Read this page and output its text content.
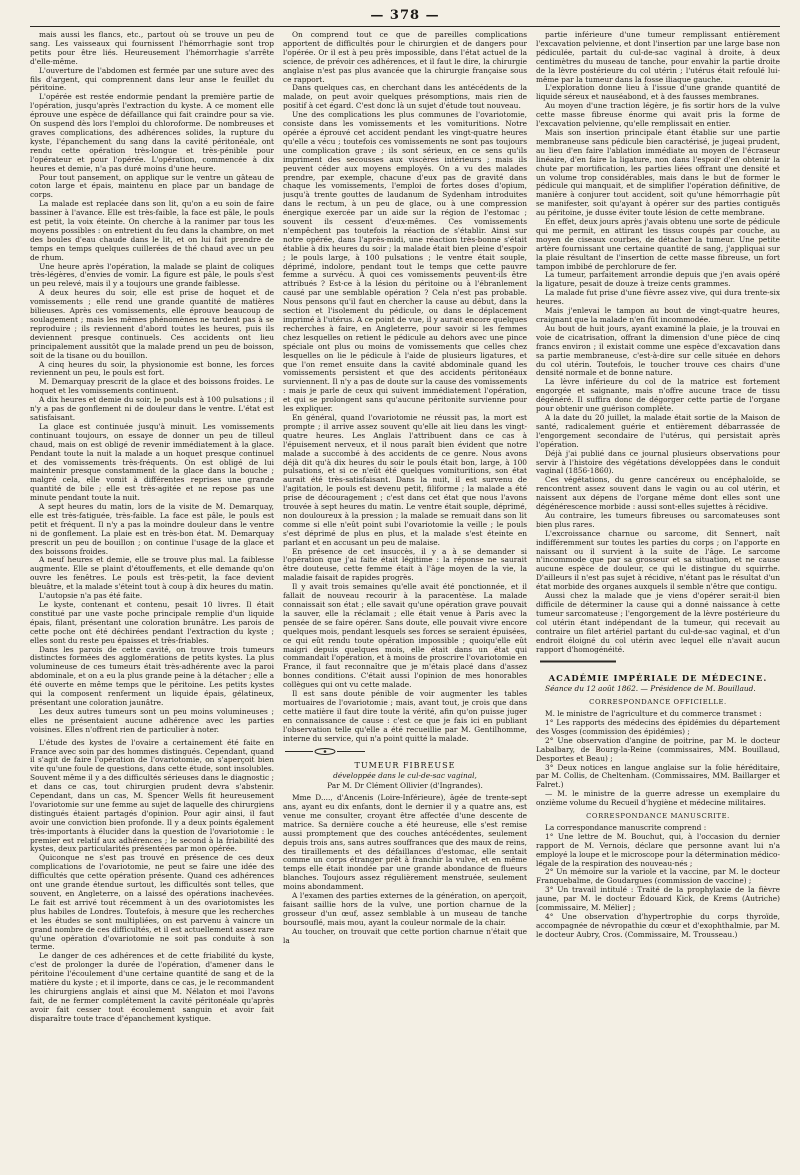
— 378 —

mais aussi les flancs, etc., partout où se trouve un peu de sang. Les vaisseaux qui fournissent l'hémorrhagie sont trop petits pour être liés. Heureusement l'hémorrhagie s'arrête d'elle-même.

L'ouverture de l'abdomen est fermée par une suture avec des fils d'argent, qui comprennent dans leur anse le feuillet du péritoine.

L'opérée est restée endormie pendant la première partie de l'opération, jusqu'après l'extraction du kyste. A ce moment elle éprouve une espèce de défaillance qui fait craindre pour sa vie. On suspend dès lors l'emploi du chloroforme. De nombreuses et graves complications, des adhérences solides, la rupture du kyste, l'épanchement du sang dans la cavité péritonéale, ont rendu cette opération très-longue et très-pénible pour l'opérateur et pour l'opérée. L'opération, commencée à dix heures et demie, n'a pas duré moins d'une heure.

Pour tout pansement, on applique sur le ventre un gâteau de coton large et épais, maintenu en place par un bandage de corps.

La malade est replacée dans son lit, qu'on a eu soin de faire bassiner à l'avance. Elle est très-faible, la face est pâle, le pouls est petit, la voix éteinte. On cherche à la ranimer par tous les moyens possibles : on entretient du feu dans la chambre, on met des boules d'eau chaude dans le lit, et on lui fait prendre de temps en temps quelques cuillerées de thé chaud avec un peu de rhum.

Une heure après l'opération, la malade se plaint de coliques très-légères, d'envies de vomir. La figure est pâle, le pouls s'est un peu relevé, mais il y a toujours une grande faiblesse.

A deux heures du soir, elle est prise de hoquet et de vomissements ; elle rend une grande quantité de matières bilieuses. Après ces vomissements, elle éprouve beaucoup de soulagement ; mais les mêmes phénomènes ne tardent pas à se reproduire ; ils reviennent d'abord toutes les heures, puis ils deviennent presque continuels. Ces accidents ont lieu principalement aussitôt que la malade prend un peu de boisson, soit de la tisane ou du bouillon.

A cinq heures du soir, la physionomie est bonne, les forces reviennent un peu, le pouls est fort.

M. Demarquay prescrit de la glace et des boissons froides. Le hoquet et les vomissements continuent.

A dix heures et demie du soir, le pouls est à 100 pulsations ; il n'y a pas de gonflement ni de douleur dans le ventre. L'état est satisfaisant.

La glace est continuée jusqu'à minuit. Les vomissements continuant toujours, on essaye de donner un peu de tilleul chaud, mais on est obligé de revenir immédiatement à la glace. Pendant toute la nuit la malade a un hoquet presque continuel et des vomissements très-fréquents. On est obligé de lui maintenir presque constamment de la glace dans la bouche ; malgré cela, elle vomit à différentes reprises une grande quantité de bile ; elle est très-agitée et ne repose pas une minute pendant toute la nuit.

A sept heures du matin, lors de la visite de M. Demarquay, elle est très-fatiguée, très-faible. La face est pâle, le pouls est petit et fréquent. Il n'y a pas la moindre douleur dans le ventre ni de gonflement. La plaie est en très-bon état. M. Demarquay prescrit un peu de bouillon ; on continue l'usage de la glace et des boissons froides.

A neuf heures et demie, elle se trouve plus mal. La faiblesse augmente. Elle se plaint d'étouffements, et elle demande qu'on ouvre les fenêtres. Le pouls est très-petit, la face devient bleuâtre, et la malade s'éteint tout à coup à dix heures du matin.

L'autopsie n'a pas été faite.

Le kyste, contenant et contenu, pesait 10 livres. Il était constitué par une vaste poche principale remplie d'un liquide épais, filant, présentant une coloration brunâtre. Les parois de cette poche ont été déchirées pendant l'extraction du kyste ; elles sont du reste peu épaisses et très-friables.

Dans les parois de cette cavité, on trouve trois tumeurs distinctes formées des agglomérations de petits kystes. La plus volumineuse de ces tumeurs était très-adhérente avec la paroi abdominale, et on a eu la plus grande peine à la détacher ; elle a été ouverte en même temps que le péritoine. Les petits kystes qui la composent renferment un liquide épais, gélatineux, présentant une coloration jaunâtre.

Les deux autres tumeurs sont un peu moins volumineuses ; elles ne présentaient aucune adhérence avec les parties voisines. Elles n'offrent rien de particulier à noter.

L'étude des kystes de l'ovaire a certainement été faite en France avec soin par des hommes distingués. Cependant, quand il s'agit de faire l'opération de l'ovariotomie, on s'aperçoit bien vite qu'une foule de questions, dans cette étude, sont insolubles. Souvent même il y a des difficultés sérieuses dans le diagnostic ; et dans ce cas, tout chirurgien prudent devra s'abstenir. Cependant, dans un cas, M. Spencer Wells fit heureusement l'ovariotomie sur une femme au sujet de laquelle des chirurgiens distingués étaient partagés d'opinion. Pour agir ainsi, il faut avoir une conviction bien profonde. Il y a deux points également très-importants à élucider dans la question de l'ovariotomie : le premier est relatif aux adhérences ; le second à la friabilité des kystes, deux particularités présentées par mon opérée.

Quiconque ne s'est pas trouvé en présence de ces deux complications de l'ovariotomie, ne peut se faire une idée des difficultés que cette opération présente. Quand ces adhérences ont une grande étendue surtout, les difficultés sont telles, que souvent, en Angleterre, on a laissé des opérations inachevées. Le fait est arrivé tout récemment à un des ovariotomistes les plus habiles de Londres. Toutefois, à mesure que les recherches et les études se sont multipliées, on est parvenu à vaincre un grand nombre de ces difficultés, et il est actuellement assez rare qu'une opération d'ovariotomie ne soit pas conduite à son terme.

Le danger de ces adhérences et de cette friabilité du kyste, c'est de prolonger la durée de l'opération, d'amener dans le péritoine l'écoulement d'une certaine quantité de sang et de la matière du kyste ; et il importe, dans ce cas, je le recommandent les chirurgiens anglais et ainsi que M. Nélaton et moi l'avons fait, de ne fermer complétement la cavité péritonéale qu'après avoir fait cesser tout écoulement sanguin et avoir fait disparaître toute trace d'épanchement kystique.

On comprend tout ce que de pareilles complications apportent de difficultés pour le chirurgien et de dangers pour l'opérée. Or il est à peu près impossible, dans l'état actuel de la science, de prévoir ces adhérences, et il faut le dire, la chirurgie anglaise n'est pas plus avancée que la chirurgie française sous ce rapport.

Dans quelques cas, en cherchant dans les antécédents de la malade, on peut avoir quelques présomptions, mais rien de positif à cet égard. C'est donc là un sujet d'étude tout nouveau.

Une des complications les plus communes de l'ovariotomie, consiste dans les vomissements et les vomituritions. Notre opérée a éprouvé cet accident pendant les vingt-quatre heures qu'elle a vécu ; toutefois ces vomissements ne sont pas toujours une complication grave ; ils sont sérieux, en ce sens qu'ils impriment des secousses aux viscères intérieurs ; mais ils peuvent céder aux moyens employés. On a vu des malades prendre, par exemple, chacune d'eux pas de gravité dans chaque les vomissements, l'emploi de fortes doses d'opium, jusqu'à trente gouttes de laudanum de Sydenham introduites dans le rectum, à un peu de glace, ou à une compression énergique exercée par un aide sur la région de l'estomac ; souvent ils cessent d'eux-mêmes. Ces vomissements n'empêchent pas toutefois la réaction de s'établir. Ainsi sur notre opérée, dans l'après-midi, une réaction très-bonne s'était établie à dix heures du soir ; la malade était bien pleine d'espoir ; le pouls large, à 100 pulsations ; le ventre était souple, déprimé, indolore, pendant tout le temps que cette pauvre femme a survécu. A quoi ces vomissements peuvent-ils être attribués ? Est-ce à la lésion du péritoine ou à l'ébranlement causé par une semblable opération ? Cela n'est pas probable. Nous pensons qu'il faut en chercher la cause au début, dans la section et l'isolement du pédicule, ou dans le déplacement imprimé à l'utérus. A ce point de vue, il y aurait encore quelques recherches à faire, en Angleterre, pour savoir si les femmes chez lesquelles on retient le pédicule au dehors avec une pince spéciale ont plus ou moins de vomissements que celles chez lesquelles on lie le pédicule à l'aide de plusieurs ligatures, et que l'on remet ensuite dans la cavité abdominale quand les vomissements persistent et que des accidents péritonéaux surviennent. Il n'y a pas de doute sur la cause des vomissements : mais je parle de ceux qui suivent immédiatement l'opération, et qui se prolongent sans qu'aucune péritonite survienne pour les expliquer.

En général, quand l'ovariotomie ne réussit pas, la mort est prompte ; il arrive assez souvent qu'elle ait lieu dans les vingt-quatre heures. Les Anglais l'attribuent dans ce cas à l'épuisement nerveux, et il nous paraît bien évident que notre malade a succombé à des accidents de ce genre. Nous avons déjà dit qu'à dix heures du soir le pouls était bon, large, à 100 pulsations, et si ce n'eût été quelques vomituritions, son état aurait été très-satisfaisant. Dans la nuit, il est survenu de l'agitation, le pouls est devenu petit, filiforme ; la malade a été prise de découragement ; c'est dans cet état que nous l'avons trouvée à sept heures du matin. Le ventre était souple, déprimé, non douloureux à la pression ; la malade se remuait dans son lit comme si elle n'eût point subi l'ovariotomie la veille ; le pouls s'est déprimé de plus en plus, et la malade s'est éteinte en parlant et en accusant un peu de malaise.

En présence de cet insuccès, il y a à se demander si l'opération que j'ai faite était légitime : la réponse ne saurait être douteuse, cette femme était à l'âge moyen de la vie, la maladie faisait de rapides progrès.

Il y avait trois semaines qu'elle avait été ponctionnée, et il fallait de nouveau recourir à la paracentèse. La malade connaissait son état ; elle savait qu'une opération grave pouvait la sauver, elle la réclamait ; elle était venue à Paris avec la pensée de se faire opérer. Sans doute, elle pouvait vivre encore quelques mois, pendant lesquels ses forces se seraient épuisées, ce qui eût rendu toute opération impossible ; quoiqu'elle eût maigri depuis quelques mois, elle était dans un état qui commandait l'opération, et à moins de proscrire l'ovariotomie en France, il faut reconnaître que je m'étais placé dans d'assez bonnes conditions. C'était aussi l'opinion de mes honorables collègues qui ont vu cette malade.

Il est sans doute pénible de voir augmenter les tables mortuaires de l'ovariotomie ; mais, avant tout, je crois que dans cette matière il faut dire toute la vérité, afin qu'on puisse juger en connaissance de cause : c'est ce que je fais ici en publiant l'observation telle qu'elle a été recueillie par M. Gentilhomme, interne du service, qui n'a point quitté la malade.

TUMEUR FIBREUSE

développée dans le cul-de-sac vaginal,

Par M. Dr Clément Ollivier (d'Ingrandes).

Mme D...., d'Ancenis (Loire-Inférieure), âgée de trente-sept ans, ayant eu dix enfants, dont le dernier il y a quatre ans, est venue me consulter, croyant être affectée d'une descente de matrice. Sa dernière couche a été heureuse, elle s'est remise aussi promptement que des couches antécédentes, seulement depuis trois ans, sans autres souffrances que des maux de reins, des tiraillements et des défaillances d'estomac, elle sentait comme un corps étranger prêt à franchir la vulve, et en même temps elle était inondée par une grande abondance de flueurs blanches. Toujours assez régulièrement menstruée, seulement moins abondamment.

A l'examen des parties externes de la génération, on aperçoit, faisant saillie hors de la vulve, une portion charnue de la grosseur d'un œuf, assez semblable à un museau de tanche boursouflé, mais mou, ayant la couleur normale de la chair.

Au toucher, on trouvait que cette portion charnue n'était que la

partie inférieure d'une tumeur remplissant entièrement l'excavation pelvienne, et dont l'insertion par une large base non pédiculée, partait du cul-de-sac vaginal à droite, à deux centimètres du museau de tanche, pour envahir la partie droite de la lèvre postérieure du col utérin ; l'utérus était refoulé lui-même par la tumeur dans la fosse iliaque gauche.

L'exploration donne lieu à l'issue d'une grande quantité de liquide séreux et nauséabond, et à des fausses membranes.

Au moyen d'une traction légère, je fis sortir hors de la vulve cette masse fibreuse énorme qui avait pris la forme de l'excavation pelvienne, qu'elle remplissait en entier.

Mais son insertion principale étant établie sur une partie membraneuse sans pédicule bien caractérisé, je jugeai prudent, au lieu d'en faire l'ablation immédiate au moyen de l'écraseur linéaire, d'en faire la ligature, non dans l'espoir d'en obtenir la chute par mortification, les parties liées offrant une densité et un volume trop considérables, mais dans le but de former le pédicule qui manquait, et de simplifier l'opération définitive, de manière à conjurer tout accident, soit qu'une hémorrhagie pût se manifester, soit qu'ayant à opérer sur des parties contiguës au péritoine, je dusse éviter toute lésion de cette membrane.

En effet, deux jours après j'avais obtenu une sorte de pédicule qui me permit, en attirant les tissus coupés par couche, au moyen de ciseaux courbes, de détacher la tumeur. Une petite artère fournissant une certaine quantité de sang, j'appliquai sur la plaie résultant de l'insertion de cette masse fibreuse, un fort tampon imbibé de perchlorure de fer.

La tumeur, parfaitement arrondie depuis que j'en avais opéré la ligature, pesait de douze à treize cents grammes.

La malade fut prise d'une fièvre assez vive, qui dura trente-six heures.

Mais j'enlevai le tampon au bout de vingt-quatre heures, craignant que la malade n'en fût incommodée.

Au bout de huit jours, ayant examiné la plaie, je la trouvai en voie de cicatrisation, offrant la dimension d'une pièce de cinq francs environ ; il existait comme une espèce d'excavation dans sa partie membraneuse, c'est-à-dire sur celle située en dehors du col utérin. Toutefois, le toucher trouve ces chairs d'une densité normale et de bonne nature.

La lèvre inférieure du col de la matrice est fortement engorgée et saignante, mais n'offre aucune trace de tissu dégénéré. Il suffira donc de dégorger cette partie de l'organe pour obtenir une guérison complète.

A la date du 20 juillet, la malade était sortie de la Maison de santé, radicalement guérie et entièrement débarrassée de l'engorgement secondaire de l'utérus, qui persistait après l'opération.

Déjà j'ai publié dans ce journal plusieurs observations pour servir à l'histoire des végétations développées dans le conduit vaginal (1856-1860).

Ces végétations, du genre cancéreux ou encéphaloïde, se rencontrent assez souvent dans le vagin ou au col utérin, et naissent aux dépens de l'organe même dont elles sont une dégénérescence morbide : aussi sont-elles sujettes à récidive.

Au contraire, les tumeurs fibreuses ou sarcomateuses sont bien plus rares.

L'excroissance charnue ou sarcome, dit Sennert, naît indifféremment sur toutes les parties du corps ; on l'apporte en naissant ou il survient à la suite de l'âge. Le sarcome n'incommode que par sa grosseur et sa situation, et ne cause aucune espèce de douleur, ce qui le distingue du squirrhe. D'ailleurs il n'est pas sujet à récidive, n'étant pas le résultat d'un état morbide des organes auxquels il semble n'être que contigu.

Aussi chez la malade que je viens d'opérer serait-il bien difficile de déterminer la cause qui a donné naissance à cette tumeur sarcomateuse ; l'engorgement de la lèvre postérieure du col utérin étant indépendant de la tumeur, qui recevait au contraire un filet artériel partant du cul-de-sac vaginal, et d'un endroit éloigné du col utérin avec lequel elle n'avait aucun rapport d'homogénéité.

ACADÉMIE IMPÉRIALE DE MÉDECINE.

Séance du 12 août 1862. — Présidence de M. Bouillaud.

CORRESPONDANCE OFFICIELLE.

M. le ministre de l'agriculture et du commerce transmet :

1° Les rapports des médecins des épidémies du département des Vosges (commission des épidémies) ;

2° Une observation d'angine de poitrine, par M. le docteur Labalbary, de Bourg-la-Reine (commissaires, MM. Bouillaud, Desportes et Beau) ;

3° Deux notices en langue anglaise sur la folie héréditaire, par M. Collis, de Cheltenham. (Commissaires, MM. Baillarger et Falret.)

— M. le ministre de la guerre adresse un exemplaire du onzième volume du Recueil d'hygiène et médecine militaires.

CORRESPONDANCE MANUSCRITE.

La correspondance manuscrite comprend :

1° Une lettre de M. Bouchut, qui, à l'occasion du dernier rapport de M. Vernois, déclare que personne avant lui n'a employé la loupe et le microscope pour la détermination médico-légale de la respiration des nouveau-nés ;

2° Un mémoire sur la variole et la vaccine, par M. le docteur Franquebalme, de Goudargues (commission de vaccine) ;

3° Un travail intitulé : Traité de la prophylaxie de la fièvre jaune, par M. le docteur Édouard Kick, de Krems (Autriche) [commissaire, M. Mélier] ;

4° Une observation d'hypertrophie du corps thyroïde, accompagnée de névropathie du cœur et d'exophthalmie, par M. le docteur Aubry, Cros. (Commissaire, M. Trousseau.)
